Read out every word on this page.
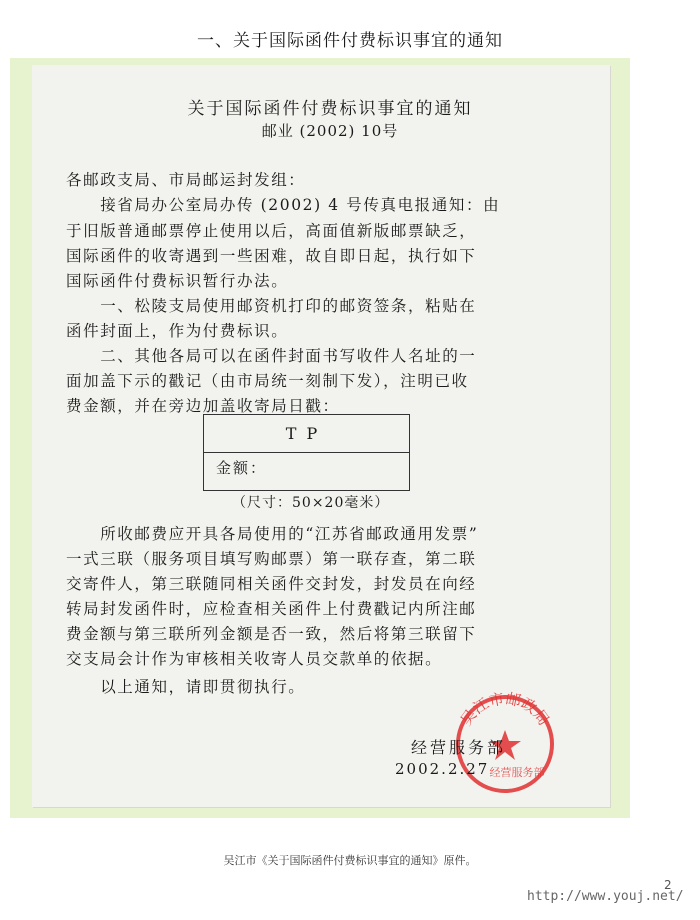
一、关于国际函件付费标识事宜的通知
关于国际函件付费标识事宜的通知
邮业 (2002) 10号
各邮政支局、市局邮运封发组：
　　接省局办公室局办传 (2002) 4 号传真电报通知：由
于旧版普通邮票停止使用以后，高面值新版邮票缺乏，
国际函件的收寄遇到一些困难，故自即日起，执行如下
国际函件付费标识暂行办法。
　　一、松陵支局使用邮资机打印的邮资签条，粘贴在
函件封面上，作为付费标识。
　　二、其他各局可以在函件封面书写收件人名址的一
面加盖下示的戳记（由市局统一刻制下发），注明已收
费金额，并在旁边加盖收寄局日戳：
TP
金额：
（尺寸：50×20毫米）
　　所收邮费应开具各局使用的“江苏省邮政通用发票”
一式三联（服务项目填写购邮票）第一联存查，第二联
交寄件人，第三联随同相关函件交封发，封发员在向经
转局封发函件时，应检查相关函件上付费戳记内所注邮
费金额与第三联所列金额是否一致，然后将第三联留下
交支局会计作为审核相关收寄人员交款单的依据。
　　以上通知，请即贯彻执行。
吴江市邮政局
经营服务部
经营服务部
2002.2.27
吴江市《关于国际函件付费标识事宜的通知》原件。
2
http://www.youj.net/
